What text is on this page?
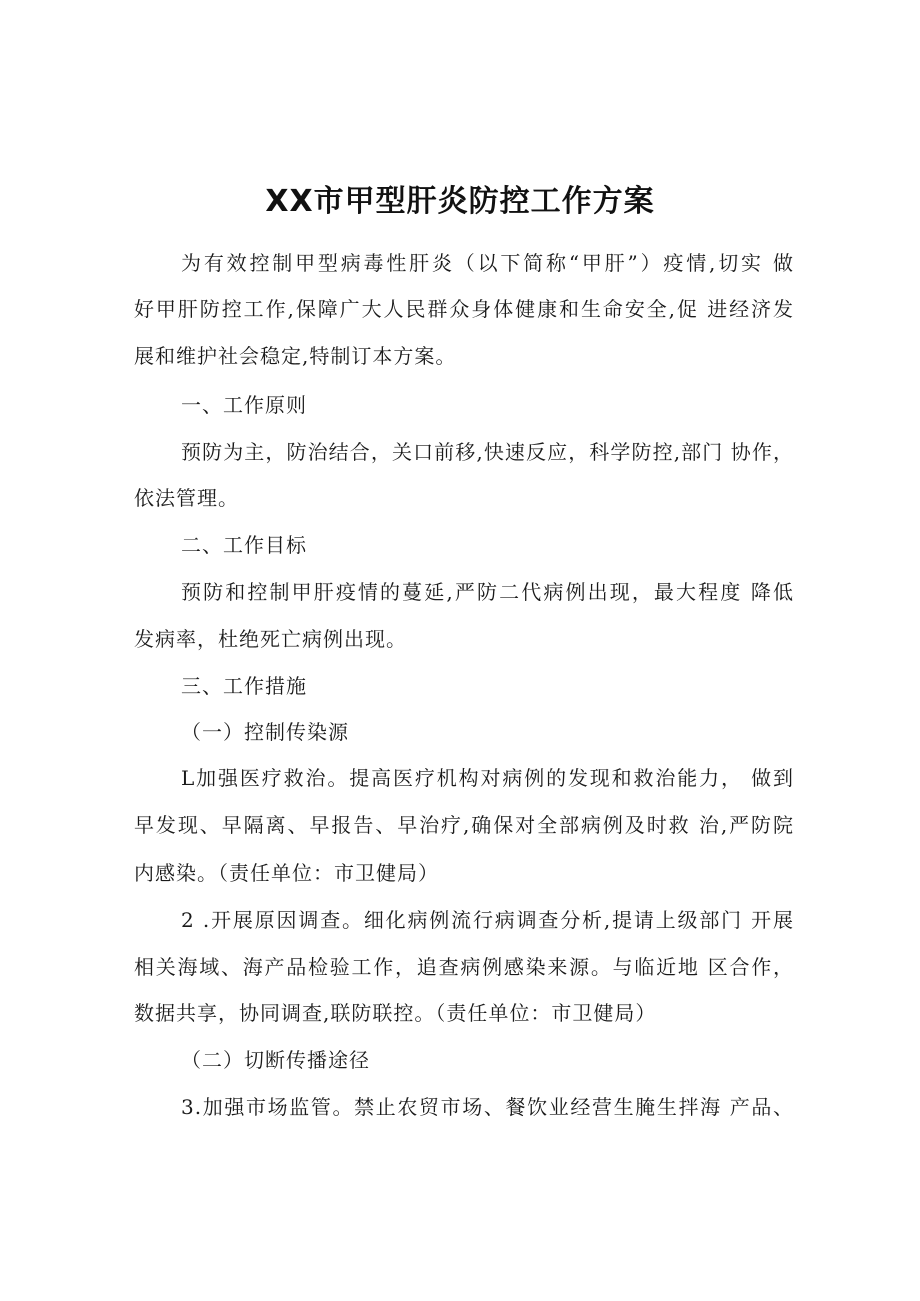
XX市甲型肝炎防控工作方案
为有效控制甲型病毒性肝炎（以下简称“甲肝”）疫情,切实 做
好甲肝防控工作,保障广大人民群众身体健康和生命安全,促 进经济发
展和维护社会稳定,特制订本方案。
一、工作原则
预防为主，防治结合，关口前移,快速反应，科学防控,部门 协作，
依法管理。
二、工作目标
预防和控制甲肝疫情的蔓延,严防二代病例出现，最大程度 降低
发病率，杜绝死亡病例出现。
三、工作措施
（一）控制传染源
L加强医疗救治。提高医疗机构对病例的发现和救治能力， 做到
早发现、早隔离、早报告、早治疗,确保对全部病例及时救 治,严防院
内感染。（责任单位：市卫健局）
2 .开展原因调查。细化病例流行病调查分析,提请上级部门 开展
相关海域、海产品检验工作，追查病例感染来源。与临近地 区合作，
数据共享，协同调查,联防联控。（责任单位：市卫健局）
（二）切断传播途径
3.加强市场监管。禁止农贸市场、餐饮业经营生腌生拌海 产品、
